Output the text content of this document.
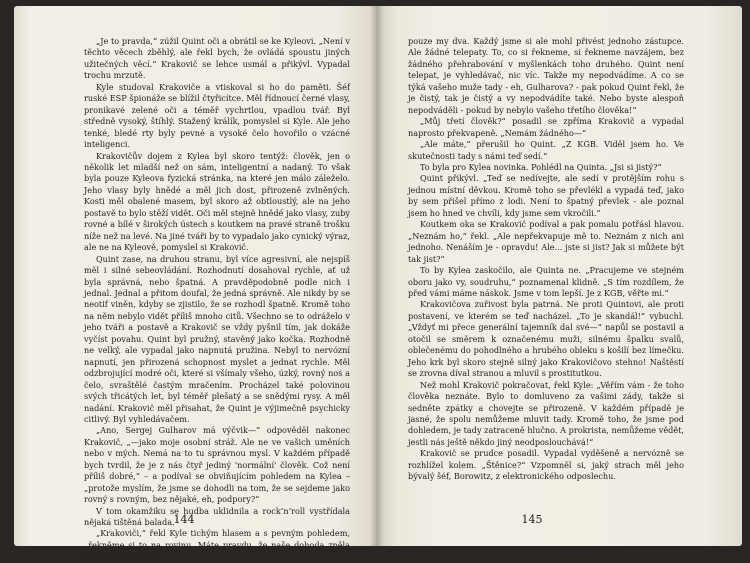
„Je to pravda,“ zúžil Quint oči a obrátil se ke Kyleovi. „Není v těchto věcech zběhlý, ale řekl bych, že ovládá spoustu jiných užitečných věcí.“ Krakovič se lehce usmál a přikývl. Vypadal trochu mrzutě.

Kyle studoval Krakoviče a vtiskoval si ho do paměti. Šéf ruské ESP špionáže se blížil čtyřicítce. Měl řídnoucí černé vlasy, pronikavé zelené oči a téměř vychrtlou, vpadlou tvář. Byl středně vysoký, štíhlý. Stažený králík, pomyslel si Kyle. Ale jeho tenké, bledé rty byly pevné a vysoké čelo hovořilo o vzácné inteligenci.

Krakovičův dojem z Kylea byl skoro tentýž: člověk, jen o několik let mladší než on sám, inteligentní a nadaný. To však byla pouze Kyleova fyzická stránka, na které jen málo záleželo. Jeho vlasy byly hnědé a měl jich dost, přirozeně zvlněných. Kosti měl obalené masem, byl skoro až obtloustlý, ale na jeho postavě to bylo stěží vidět. Oči měl stejně hnědé jako vlasy, zuby rovné a bílé v širokých ústech s koutkem na pravé straně trošku níže než na levé. Na jiné tváři by to vypadalo jako cynický výraz, ale ne na Kyleově, pomyslel si Krakovič.

Quint zase, na druhou stranu, byl více agresivní, ale nejspíš měl i silné sebeovládání. Rozhodnutí dosahoval rychle, ať už byla správná, nebo špatná. A pravděpodobně podle nich i jednal. Jednal a přitom doufal, že jedná správně. Ale nikdy by se neotif viněn, kdyby se zjistilo, že se rozhodl špatně. Kromě toho na něm nebylo vidět příliš mnoho citů. Všechno se to odráželo v jeho tváři a postavě a Krakovič se vždy pyšnil tím, jak dokáže vyčíst povahu. Quint byl pružný, stavěný jako kočka. Rozhodně ne velký, ale vypadal jako napnutá pružina. Nebyl to nervózní napnutí, jen přirozená schopnost myslet a jednat rychle. Měl odzbrojující modré oči, které si všímaly všeho, úzký, rovný nos a čelo, svraštělé častým mračením. Procházel také polovinou svých třicátých let, byl téměř plešatý a se snědými rysy. A měl nadání. Krakovič měl přisahat, že Quint je výjimečně psychicky citlivý. Byl vyhledávačem.

„Ano, Sergej Gulharov má výčvik—“ odpověděl nakonec Krakovič, „—jako moje osobní stráž. Ale ne ve vašich uměních nebo v mých. Nemá na to tu správnou mysl. V každém případě bych tvrdil, že je z nás čtyř jediný 'normální' člověk. Což není příliš dobré,“ – a podíval se obviňujícím pohledem na Kylea – „protože myslím, že jsme se dohodli na tom, že se sejdeme jako rovný s rovným, bez nějaké, eh, podpory?“

V tom okamžiku se hudba uklidnila a rock’n’roll vystřídala nějaká tištěná balada.

„Krakoviči,“ řekl Kyle tichým hlasem a s pevným pohledem, „řekněme si to na rovinu. Máte pravdu, že naše dohoda zněla tak, že se setkáme

144

pouze my dva. Každý jsme si ale mohl přivést jednoho zástupce. Ale žádné telepaty. To, co si řekneme, si řekneme navzájem, bez žádného přehrabování v myšlenkách toho druhého. Quint není telepat, je vyhledávač, nic víc. Takže my nepodvádíme. A co se týká vašeho muže tady - eh, Gulharova? - pak pokud Quint řekl, že je čistý, tak je čistý a vy nepodvádíte také. Nebo byste alespoň nepodváděli - pokud by nebylo vašeho třetího člověka!“

„Můj třetí člověk?“ posadil se zpříma Krakovič a vypadal naprosto překvapeně. „Nemám žádného—“

„Ale máte,“ přerušil ho Quint. „Z KGB. Viděl jsem ho. Ve skutečnosti tady s námi teď sedí.“

To byla pro Kylea novinka. Pohlédl na Quinta. „Jsi si jistý?“

Quint přikývl. „Teď se nedívejte, ale sedí v protějším rohu s jednou místní děvkou. Kromě toho se převlékl a vypadá teď, jako by sem přišel přímo z lodi. Není to špatný převlek - ale poznal jsem ho hned ve chvíli, kdy jsme sem vkročili.“

Koutkem oka se Krakovič podíval a pak pomalu potřásl hlavou. „Neznám ho,“ řekl. „Ale nepřekvapuje mě to. Neznám z nich ani jednoho. Nenáším je - opravdu! Ale... jste si jist? Jak si můžete být tak jist?“

To by Kylea zaskočilo, ale Quinta ne. „Pracujeme ve stejném oboru jako vy, soudruhu,“ poznamenal klidně. „S tím rozdílem, že před vámi máme náskok. Jsme v tom lepší. Je z KGB, věřte mi.“

Krakovičova zuřivost byla patrná. Ne proti Quintovi, ale proti postavení, ve kterém se teď nacházel. „To je skandál!“ vybuchl. „Vždyť mi přece generální tajemník dal své—“ napůl se postavil a otočil se směrem k označenému muži, silnému špalku svalů, oblečenému do pohodlného a hrubého obleku s košilí bez límečku. Jeho krk byl skoro stejně silný jako Krakovičovo stehno! Naštěstí se zrovna díval stranou a mluvil s prostitutkou.

Než mohl Krakovič pokračovat, řekl Kyle: „Věřím vám - že toho člověka neznáte. Bylo to domluveno za vašimi zády, takže si sedněte zpátky a chovejte se přirozeně. V každém případě je jasné, že spolu nemůžeme mluvit tady. Kromě toho, že jsme pod dohledem, je tady zatraceně hlučno. A prokrista, nemůžeme vědět, jestli nás ještě někdo jiný neodposlouchává!“

Krakovič se prudce posadil. Vypadal vyděšeně a nervózně se rozhlížel kolem. „Štěnice?“ Vzpomněl si, jaký strach měl jeho bývalý šéf, Borowitz, z elektronického odposlechu.

145
